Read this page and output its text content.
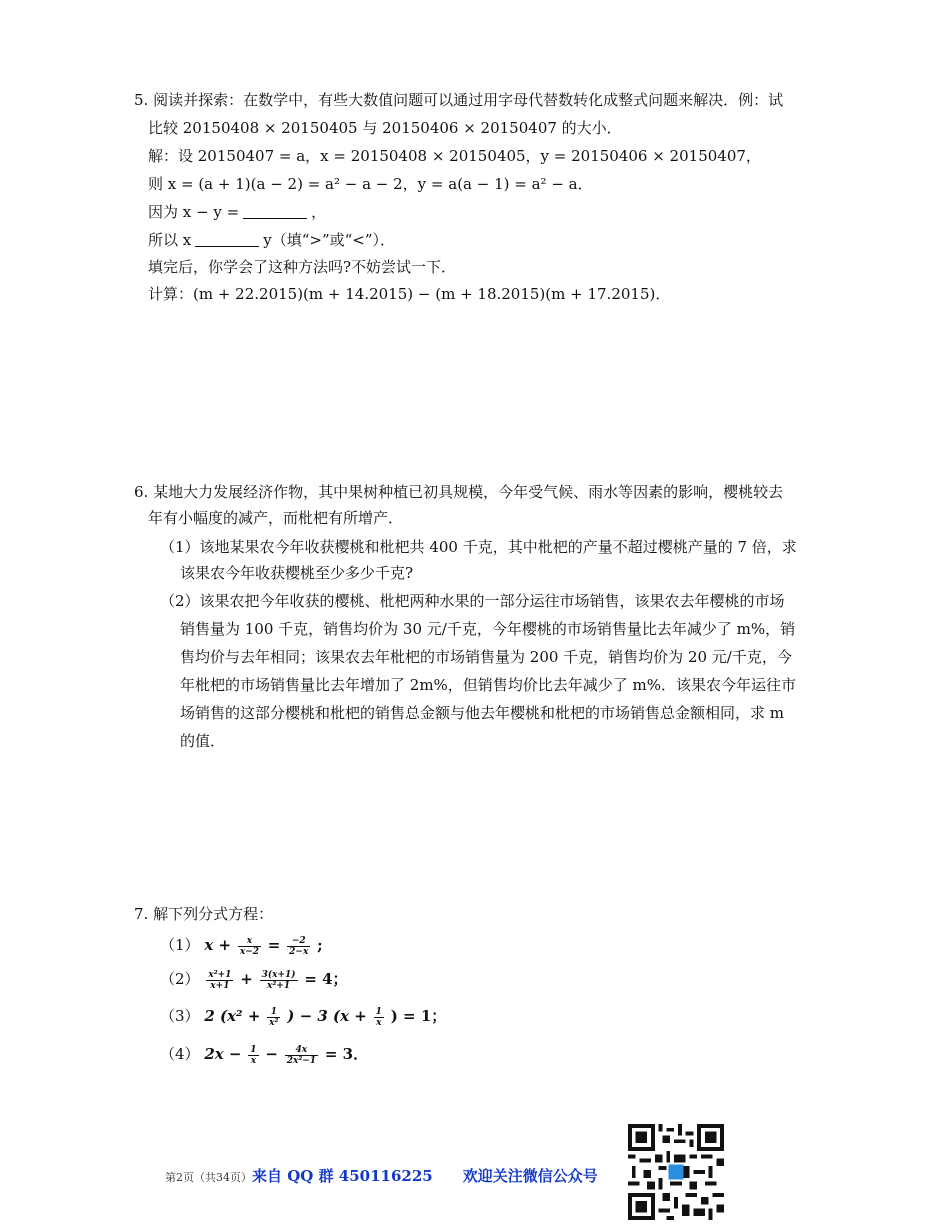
5. 阅读并探索：在数学中，有些大数值问题可以通过用字母代替数转化成整式问题来解决．例：试
比较 20150408 × 20150405 与 20150406 × 20150407 的大小．
解：设 20150407 = a，x = 20150408 × 20150405，y = 20150406 × 20150407，
则 x = (a + 1)(a − 2) = a² − a − 2，y = a(a − 1) = a² − a．
因为 x − y =	，
所以 x	y（填“>”或“<”）．
填完后，你学会了这种方法吗?不妨尝试一下．
计算：(m + 22.2015)(m + 14.2015) − (m + 18.2015)(m + 17.2015)．
6. 某地大力发展经济作物，其中果树种植已初具规模，今年受气候、雨水等因素的影响，樱桃较去
年有小幅度的减产，而枇杷有所增产．
（1）该地某果农今年收获樱桃和枇杷共 400 千克，其中枇杷的产量不超过樱桃产量的 7 倍，求
该果农今年收获樱桃至少多少千克?
（2）该果农把今年收获的樱桃、枇杷两种水果的一部分运往市场销售，该果农去年樱桃的市场
销售量为 100 千克，销售均价为 30 元/千克，今年樱桃的市场销售量比去年减少了 m%，销
售均价与去年相同；该果农去年枇杷的市场销售量为 200 千克，销售均价为 20 元/千克，今
年枇杷的市场销售量比去年增加了 2m%，但销售均价比去年减少了 m%．该果农今年运往市
场销售的这部分樱桃和枇杷的销售总金额与他去年樱桃和枇杷的市场销售总金额相同，求 m
的值．
7. 解下列分式方程：
（1） $x + \frac{x}{x-2} = \frac{-2}{2-x}$ ;
$(2) \frac{\text{x²+1}}{x+1} + \frac{3(x+1)}{\text{x²+1}} = 4$；
（3） 2 ($x^2 + \frac{1}{\text{x²}}$ ) − 3 ($x + \frac{1}{x}$ ) = 1；
（4） $2x - \frac{1}{x} - \frac{4x}{\text{2x²−1}} = 3$．
第2页（共34页）来自 QQ 群 450116225　　欢迎关注微信公众号
